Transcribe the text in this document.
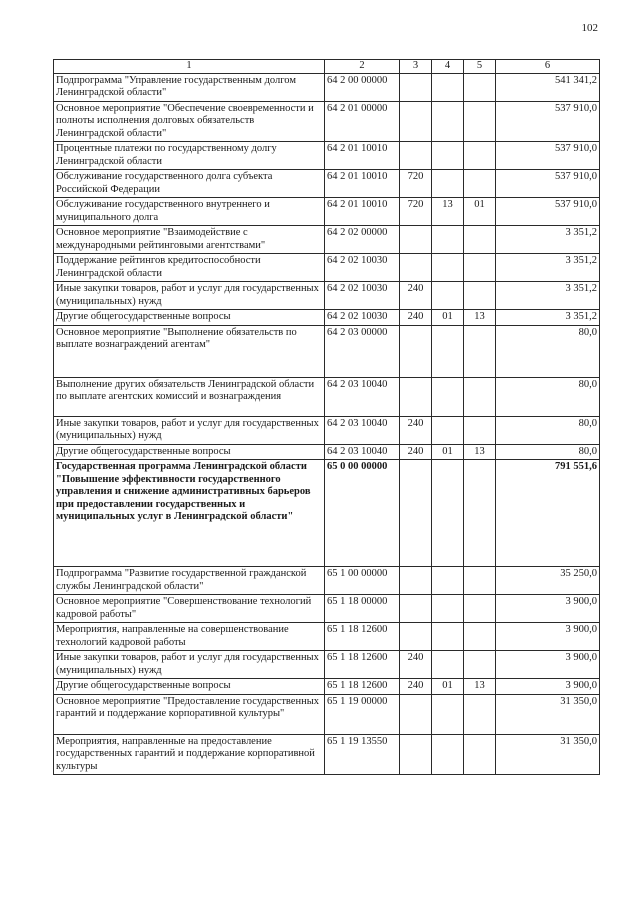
102
1	2	3	4	5	6
Подпрограмма "Управление государственным долгом Ленинградской области"	64 2 00 00000				541 341,2
Основное мероприятие "Обеспечение своевременности и полноты исполнения долговых обязательств Ленинградской области"	64 2 01 00000				537 910,0
Процентные платежи по государственному долгу Ленинградской области	64 2 01 10010				537 910,0
Обслуживание государственного долга субъекта Российской Федерации	64 2 01 10010	720			537 910,0
Обслуживание государственного внутреннего и муниципального долга	64 2 01 10010	720	13	01	537 910,0
Основное мероприятие "Взаимодействие с международными рейтинговыми агентствами"	64 2 02 00000				3 351,2
Поддержание рейтингов кредитоспособности Ленинградской области	64 2 02 10030				3 351,2
Иные закупки товаров, работ и услуг для государственных (муниципальных) нужд	64 2 02 10030	240			3 351,2
Другие общегосударственные вопросы	64 2 02 10030	240	01	13	3 351,2
Основное мероприятие "Выполнение обязательств по выплате вознаграждений агентам"	64 2 03 00000				80,0
Выполнение других обязательств Ленинградской области по выплате агентских комиссий и вознаграждения	64 2 03 10040				80,0
Иные закупки товаров, работ и услуг для государственных (муниципальных) нужд	64 2 03 10040	240			80,0
Другие общегосударственные вопросы	64 2 03 10040	240	01	13	80,0
Государственная программа Ленинградской области "Повышение эффективности государственного управления и снижение административных барьеров при предоставлении государственных и муниципальных услуг в Ленинградской области"	65 0 00 00000				791 551,6
Подпрограмма "Развитие государственной гражданской службы Ленинградской области"	65 1 00 00000				35 250,0
Основное мероприятие "Совершенствование технологий кадровой работы"	65 1 18 00000				3 900,0
Мероприятия, направленные на совершенствование технологий кадровой работы	65 1 18 12600				3 900,0
Иные закупки товаров, работ и услуг для государственных (муниципальных) нужд	65 1 18 12600	240			3 900,0
Другие общегосударственные вопросы	65 1 18 12600	240	01	13	3 900,0
Основное мероприятие "Предоставление государственных гарантий и поддержание корпоративной культуры"	65 1 19 00000				31 350,0
Мероприятия, направленные на предоставление государственных гарантий и поддержание корпоративной культуры	65 1 19 13550				31 350,0
